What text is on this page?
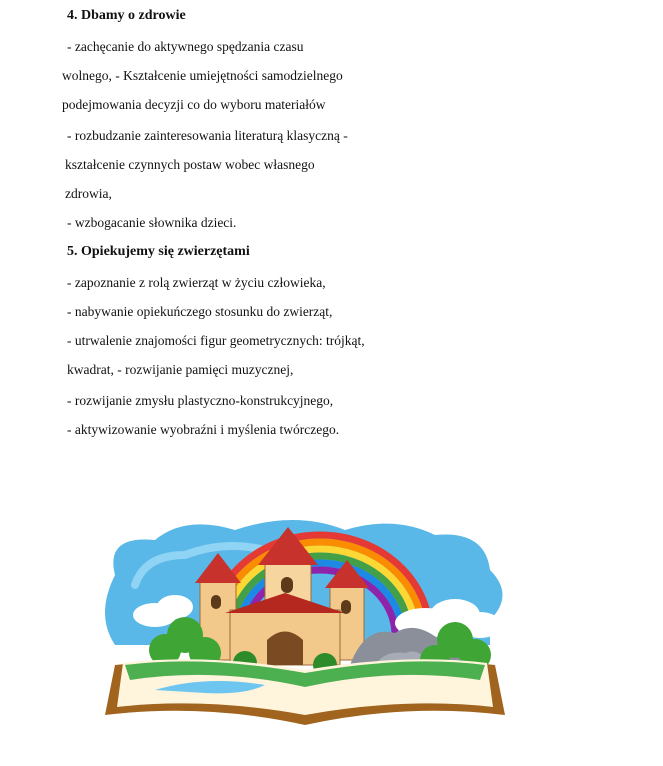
4. Dbamy o zdrowie
- zachęcanie do aktywnego spędzania czasu
wolnego, - Kształcenie umiejętności samodzielnego
podejmowania decyzji co do wyboru materiałów
- rozbudzanie zainteresowania literaturą klasyczną -
kształcenie czynnych postaw wobec własnego
zdrowia,
- wzbogacanie słownika dzieci.
5. Opiekujemy się zwierzętami
- zapoznanie z rolą zwierząt w życiu człowieka,
- nabywanie opiekuńczego stosunku do zwierząt,
- utrwalenie znajomości figur geometrycznych: trójkąt,
kwadrat, - rozwijanie pamięci muzycznej,
- rozwijanie zmysłu plastyczno-konstrukcyjnego,
- aktywizowanie wyobraźni i myślenia twórczego.
